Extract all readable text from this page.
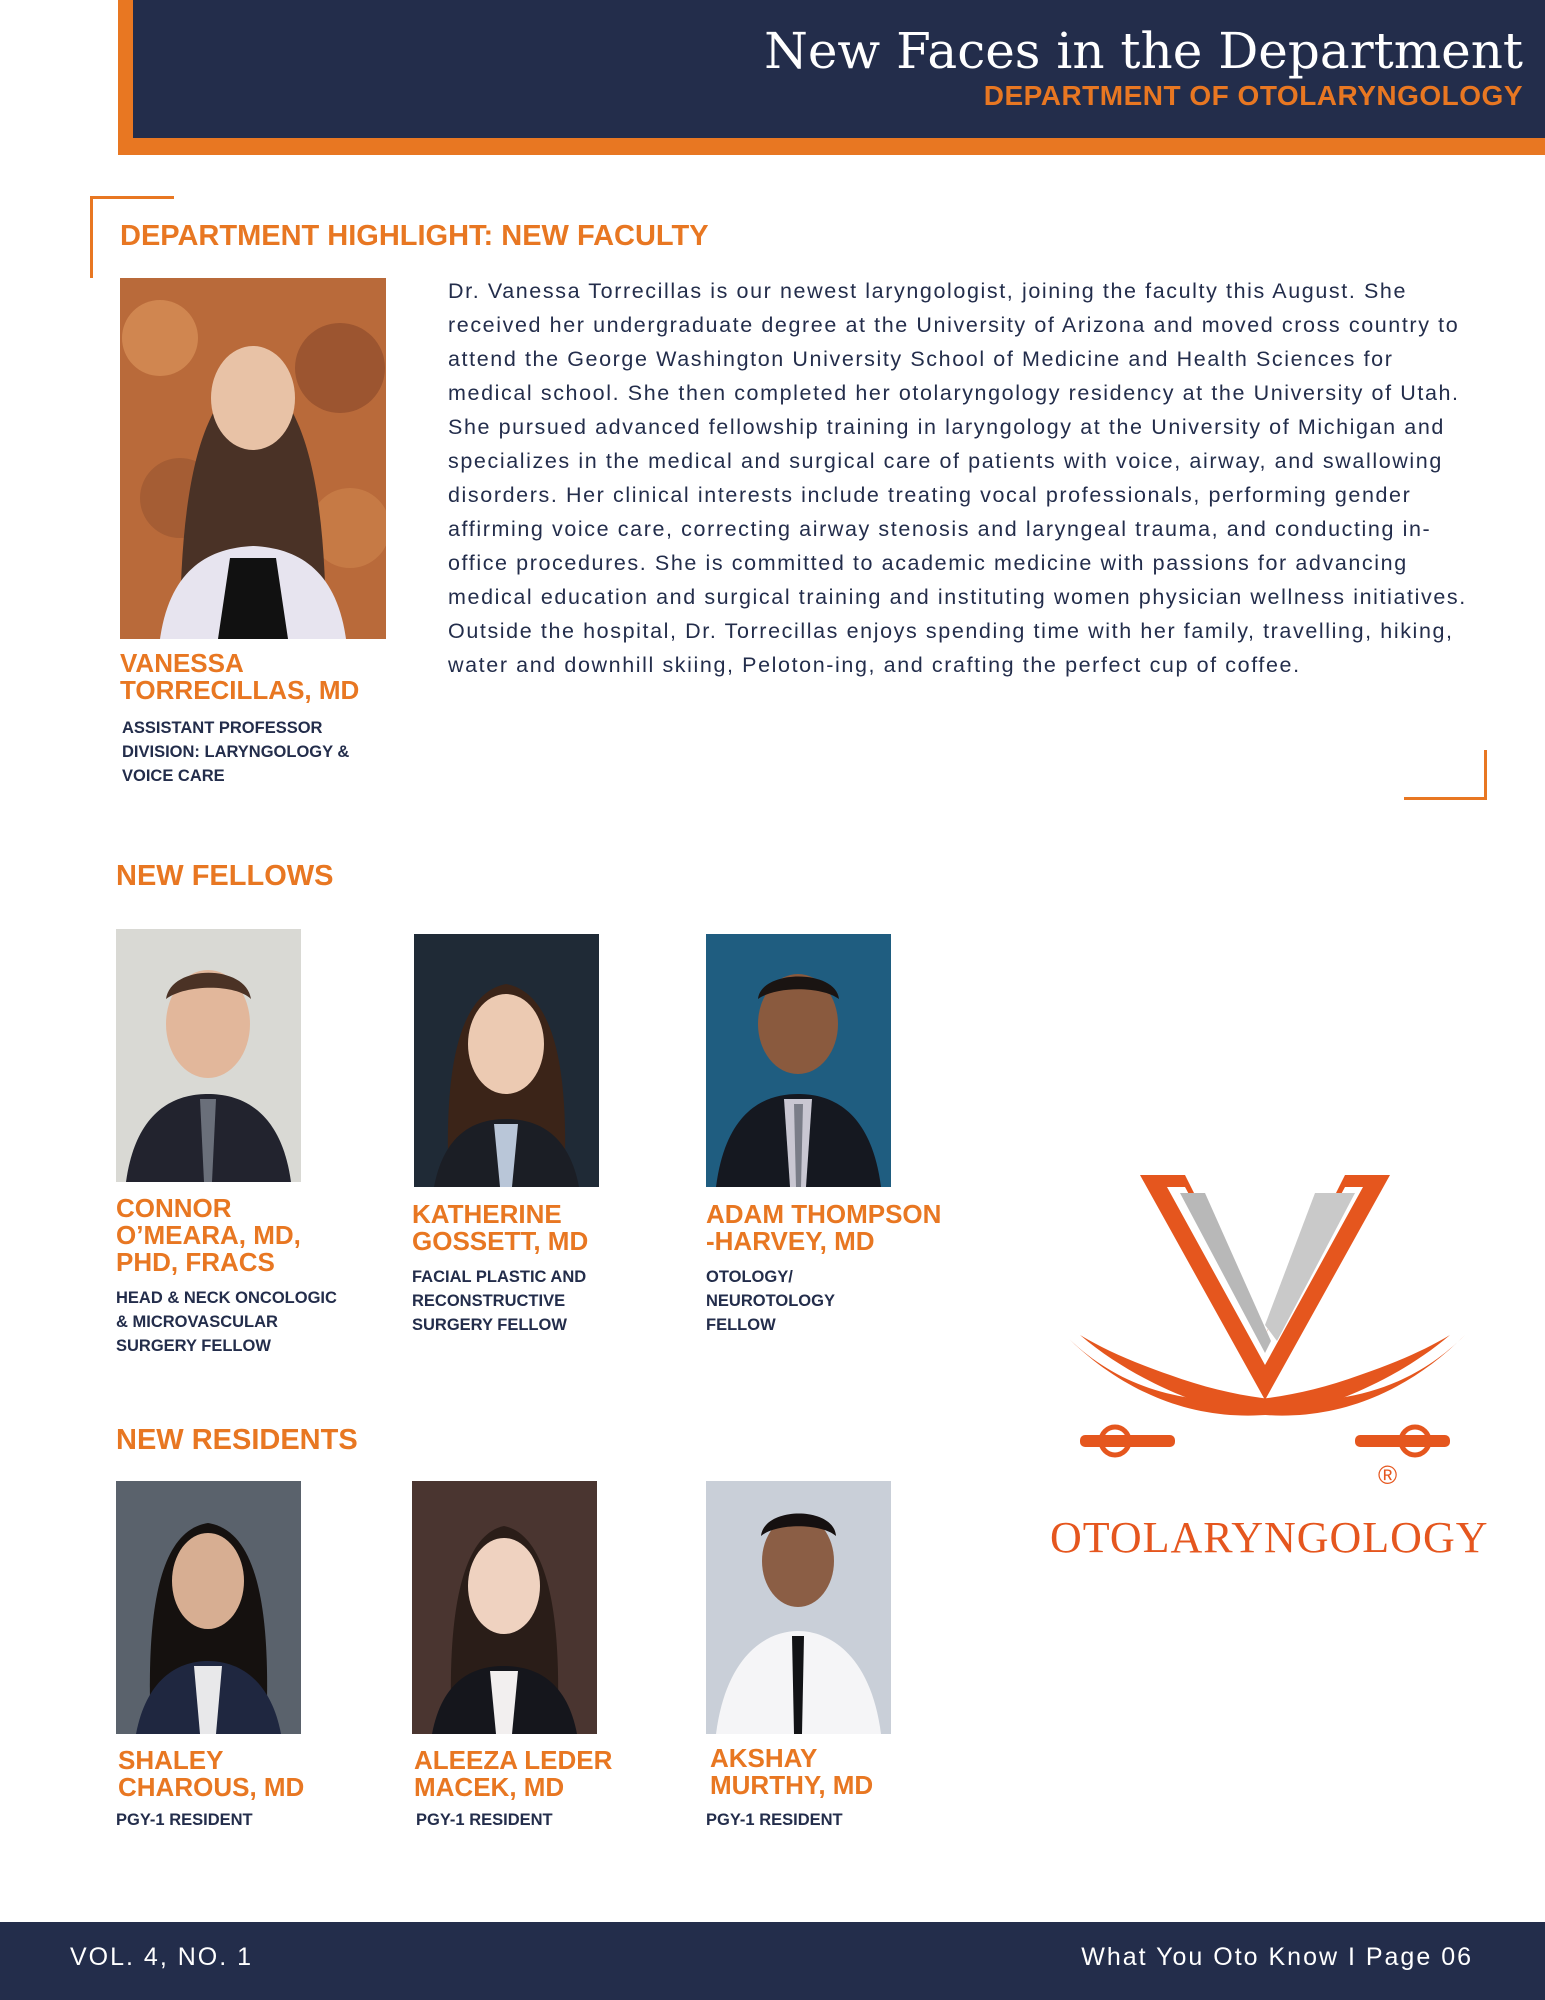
New Faces in the Department
DEPARTMENT OF OTOLARYNGOLOGY
DEPARTMENT HIGHLIGHT: NEW FACULTY
VANESSA
TORRECILLAS, MD
ASSISTANT PROFESSOR
DIVISION: LARYNGOLOGY &
VOICE CARE
Dr. Vanessa Torrecillas is our newest laryngologist, joining the faculty this August. She received her undergraduate degree at the University of Arizona and moved cross country to attend the George Washington University School of Medicine and Health Sciences for medical school. She then completed her otolaryngology residency at the University of Utah. She pursued advanced fellowship training in laryngology at the University of Michigan and specializes in the medical and surgical care of patients with voice, airway, and swallowing disorders. Her clinical interests include treating vocal professionals, performing gender affirming voice care, correcting airway stenosis and laryngeal trauma, and conducting in-office procedures. She is committed to academic medicine with passions for advancing medical education and surgical training and instituting women physician wellness initiatives. Outside the hospital, Dr. Torrecillas enjoys spending time with her family, travelling, hiking, water and downhill skiing, Peloton-ing, and crafting the perfect cup of coffee.
NEW FELLOWS
CONNOR
O’MEARA, MD,
PHD, FRACS
HEAD & NECK ONCOLOGIC
& MICROVASCULAR
SURGERY FELLOW
KATHERINE
GOSSETT, MD
FACIAL PLASTIC AND
RECONSTRUCTIVE
SURGERY FELLOW
ADAM THOMPSON
-HARVEY, MD
OTOLOGY/
NEUROTOLOGY
FELLOW
NEW RESIDENTS
SHALEY
CHAROUS, MD
PGY-1 RESIDENT
ALEEZA LEDER
MACEK, MD
PGY-1 RESIDENT
AKSHAY
MURTHY, MD
PGY-1 RESIDENT
®
OTOLARYNGOLOGY
VOL. 4, NO. 1	What You Oto Know I Page 06
